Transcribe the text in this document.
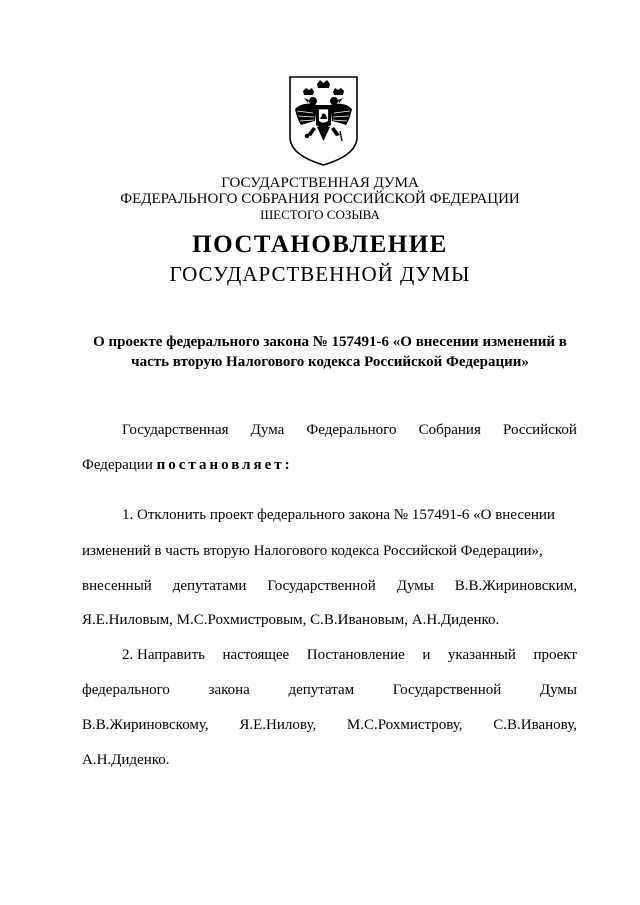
ГОСУДАРСТВЕННАЯ ДУМА
ФЕДЕРАЛЬНОГО СОБРАНИЯ РОССИЙСКОЙ ФЕДЕРАЦИИ
ШЕСТОГО СОЗЫВА
ПОСТАНОВЛЕНИЕ
ГОСУДАРСТВЕННОЙ ДУМЫ
О проекте федерального закона № 157491-6 «О внесении изменений в
часть вторую Налогового кодекса Российской Федерации»
Государственная Дума Федерального Собрания Российской
Федерации постановляет:
1. Отклонить проект федерального закона № 157491-6 «О внесении
изменений в часть вторую Налогового кодекса Российской Федерации»,
внесенный депутатами Государственной Думы В.В.Жириновским,
Я.Е.Ниловым, М.С.Рохмистровым, С.В.Ивановым, А.Н.Диденко.
2. Направить настоящее Постановление и указанный проект
федерального	закона	депутатам	Государственной	Думы
В.В.Жириновскому, Я.Е.Нилову, М.С.Рохмистрову, С.В.Иванову,
А.Н.Диденко.
